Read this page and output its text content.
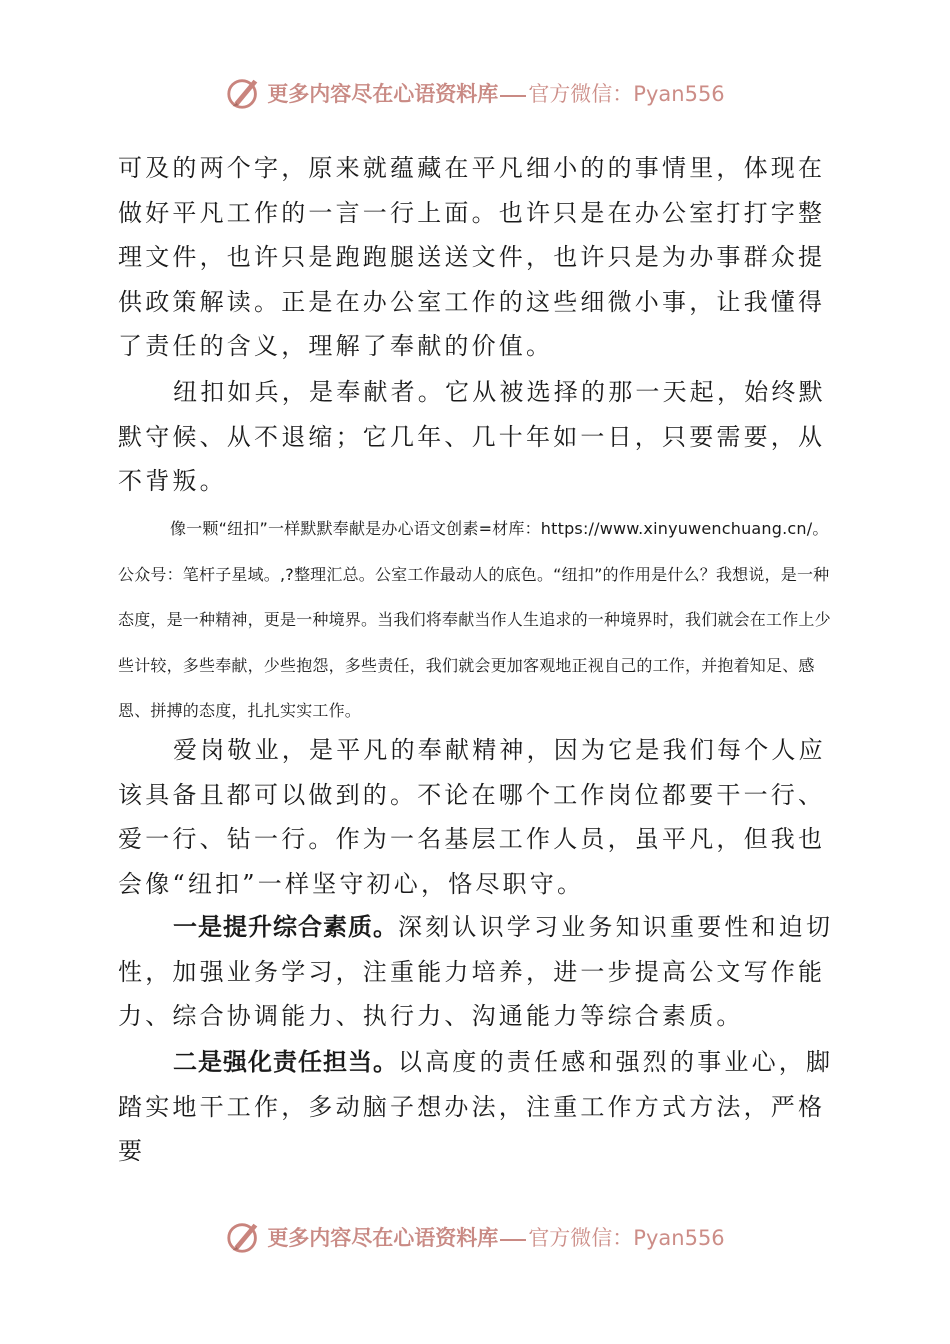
更多内容尽在心语资料库 官方微信：Pyan556

可及的两个字，原来就蕴藏在平凡细小的的事情里，体现在做好平凡工作的一言一行上面。也许只是在办公室打打字整理文件，也许只是跑跑腿送送文件，也许只是为办事群众提供政策解读。正是在办公室工作的这些细微小事，让我懂得了责任的含义，理解了奉献的价值。

纽扣如兵，是奉献者。它从被选择的那一天起，始终默默守候、从不退缩；它几年、几十年如一日，只要需要，从不背叛。

像一颗“纽扣”一样默默奉献是办心语文创素=材库：https://www.xinyuwenchuang.cn/。公众号：笔杆子星域。,?整理汇总。公室工作最动人的底色。“纽扣”的作用是什么？我想说，是一种态度，是一种精神，更是一种境界。当我们将奉献当作人生追求的一种境界时，我们就会在工作上少些计较，多些奉献，少些抱怨，多些责任，我们就会更加客观地正视自己的工作，并抱着知足、感恩、拼搏的态度，扎扎实实工作。

爱岗敬业，是平凡的奉献精神，因为它是我们每个人应该具备且都可以做到的。不论在哪个工作岗位都要干一行、爱一行、钻一行。作为一名基层工作人员，虽平凡，但我也会像“纽扣”一样坚守初心，恪尽职守。

一是提升综合素质。深刻认识学习业务知识重要性和迫切性，加强业务学习，注重能力培养，进一步提高公文写作能力、综合协调能力、执行力、沟通能力等综合素质。

二是强化责任担当。以高度的责任感和强烈的事业心，脚踏实地干工作，多动脑子想办法，注重工作方式方法，严格要

更多内容尽在心语资料库 官方微信：Pyan556
